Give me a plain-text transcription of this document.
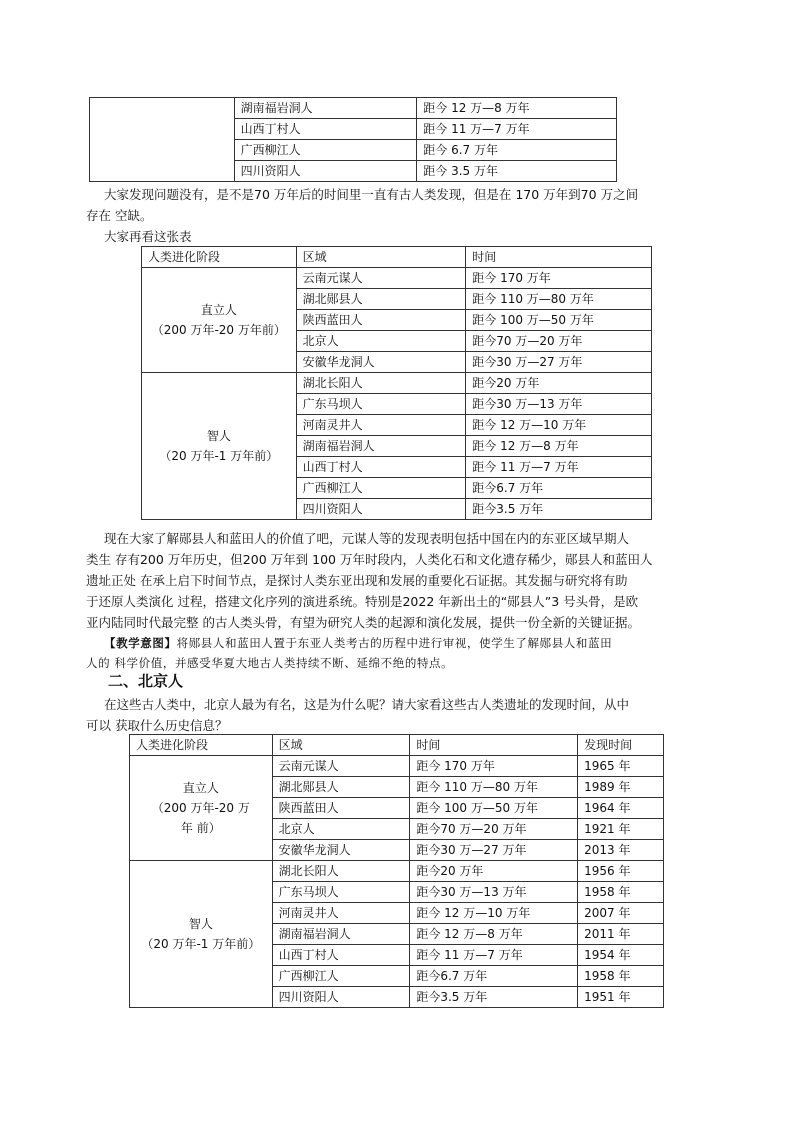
	湖南福岩洞人	距今 12 万—8 万年
	山西丁村人	距今 11 万—7 万年
	广西柳江人	距今 6.7 万年
	四川资阳人	距今 3.5 万年

大家发现问题没有，是不是70 万年后的时间里一直有古人类发现，但是在 170 万年到70 万之间

存在 空缺。

大家再看这张表

人类进化阶段	区域	时间

直立人
（200 万年-20 万年前）	云南元谋人	距今 170 万年
	湖北郧县人	距今 110 万—80 万年
	陕西蓝田人	距今 100 万—50 万年
	北京人	距今70 万—20 万年
	安徽华龙洞人	距今30 万—27 万年

智人
（20 万年-1 万年前）	湖北长阳人	距今20 万年
	广东马坝人	距今30 万—13 万年
	河南灵井人	距今 12 万—10 万年
	湖南福岩洞人	距今 12 万—8 万年
	山西丁村人	距今 11 万—7 万年
	广西柳江人	距今6.7 万年
	四川资阳人	距今3.5 万年

现在大家了解郧县人和蓝田人的价值了吧，元谋人等的发现表明包括中国在内的东亚区域早期人

类生 存有200 万年历史，但200 万年到 100 万年时段内，人类化石和文化遗存稀少，郧县人和蓝田人

遗址正处 在承上启下时间节点，是探讨人类东亚出现和发展的重要化石证据。其发掘与研究将有助

于还原人类演化 过程，搭建文化序列的演进系统。特别是2022 年新出土的“郧县人”3 号头骨，是欧

亚内陆同时代最完整 的古人类头骨，有望为研究人类的起源和演化发展，提供一份全新的关键证据。

【教学意图】将郧县人和蓝田人置于东亚人类考古的历程中进行审视，使学生了解郧县人和蓝田
人的 科学价值，并感受华夏大地古人类持续不断、延绵不绝的特点。
二、北京人

在这些古人类中，北京人最为有名，这是为什么呢？请大家看这些古人类遗址的发现时间，从中

可以 获取什么历史信息？

人类进化阶段	区域	时间	发现时间

直立人
（200 万年-20 万
年 前）	云南元谋人	距今 170 万年	1965 年
	湖北郧县人	距今 110 万—80 万年	1989 年
	陕西蓝田人	距今 100 万—50 万年	1964 年
	北京人	距今70 万—20 万年	1921 年
	安徽华龙洞人	距今30 万—27 万年	2013 年

智人
（20 万年-1 万年前）	湖北长阳人	距今20 万年	1956 年
	广东马坝人	距今30 万—13 万年	1958 年
	河南灵井人	距今 12 万—10 万年	2007 年
	湖南福岩洞人	距今 12 万—8 万年	2011 年
	山西丁村人	距今 11 万—7 万年	1954 年
	广西柳江人	距今6.7 万年	1958 年
	四川资阳人	距今3.5 万年	1951 年
